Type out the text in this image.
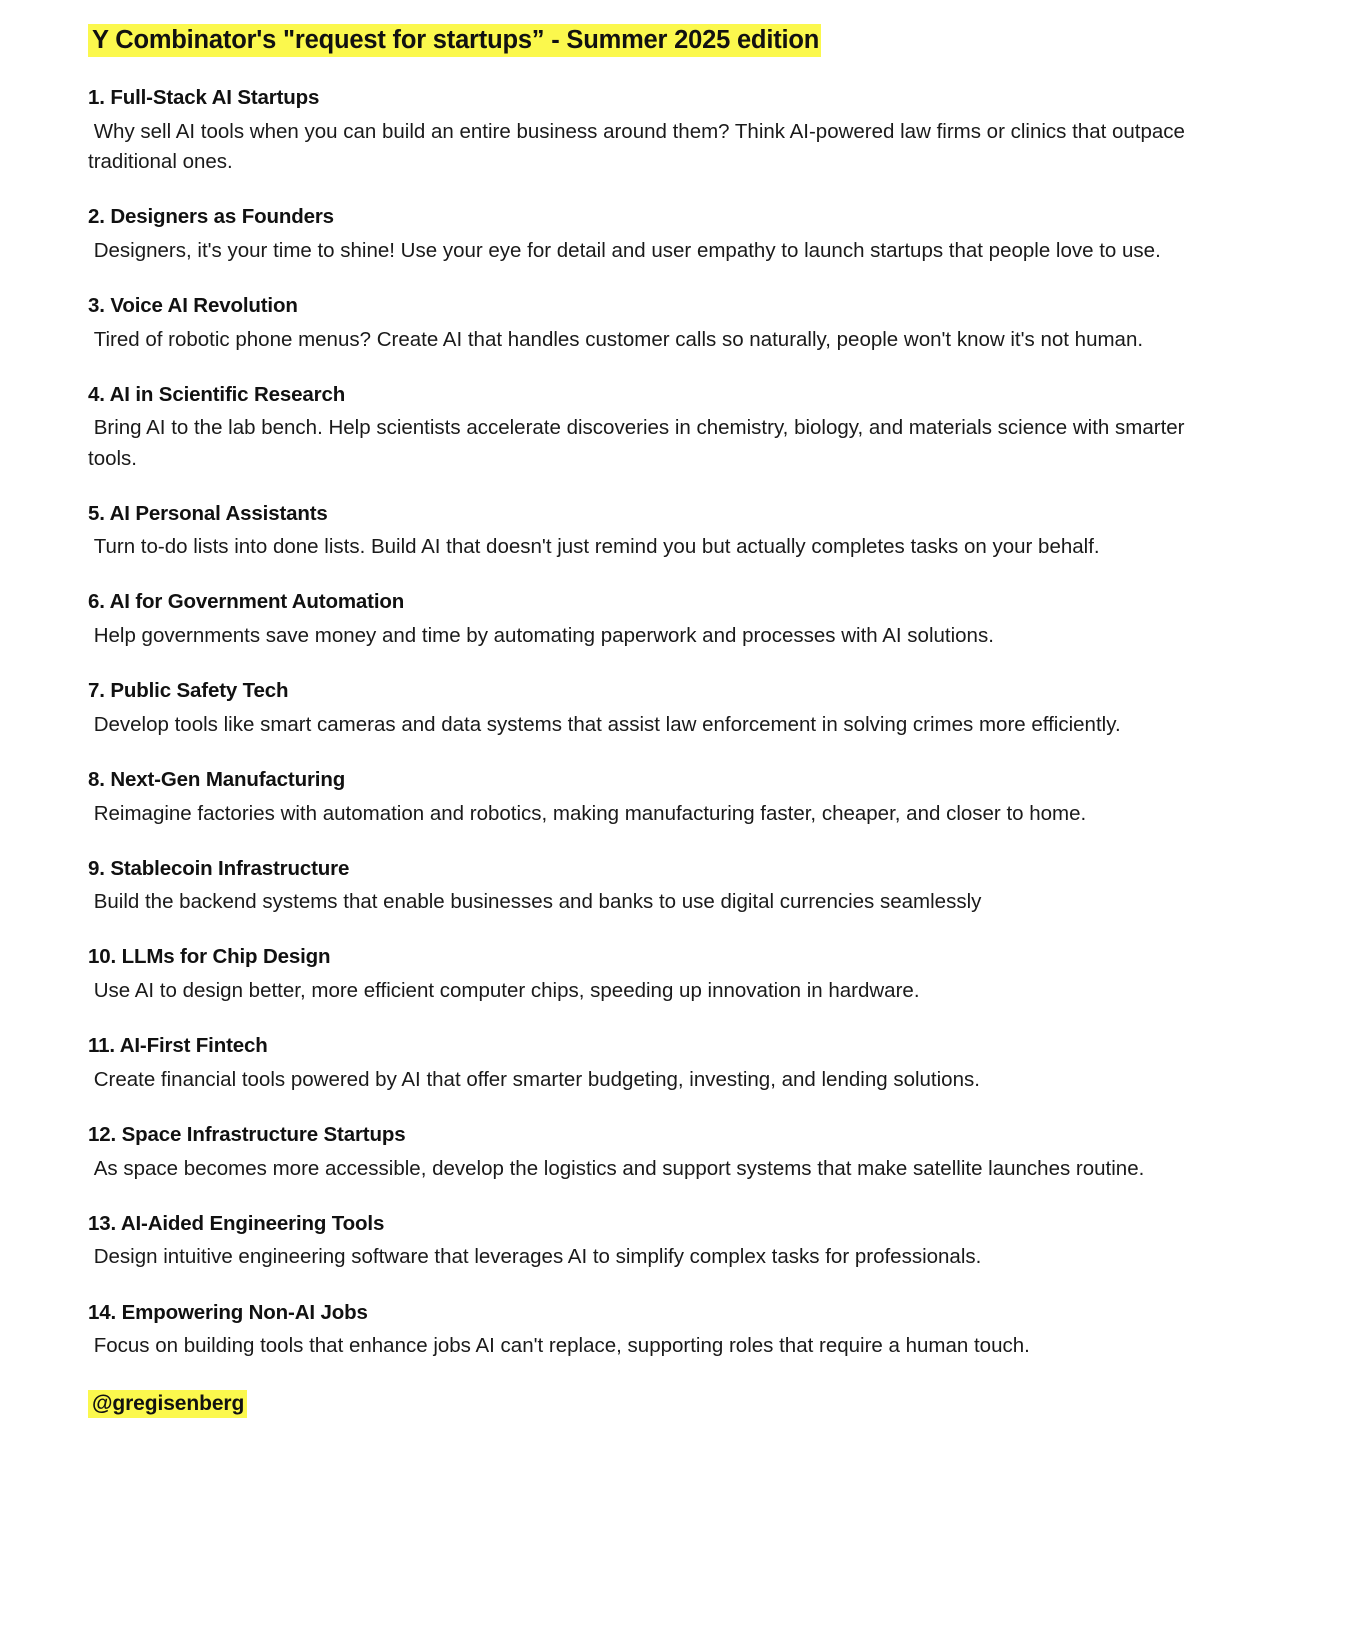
Y Combinator's "request for startups” - Summer 2025 edition

1. Full-Stack AI Startups
Why sell AI tools when you can build an entire business around them? Think AI-powered law firms or clinics that outpace traditional ones.
2. Designers as Founders
Designers, it's your time to shine! Use your eye for detail and user empathy to launch startups that people love to use.
3. Voice AI Revolution
Tired of robotic phone menus? Create AI that handles customer calls so naturally, people won't know it's not human.
4. AI in Scientific Research
Bring AI to the lab bench. Help scientists accelerate discoveries in chemistry, biology, and materials science with smarter tools.
5. AI Personal Assistants
Turn to-do lists into done lists. Build AI that doesn't just remind you but actually completes tasks on your behalf.
6. AI for Government Automation
Help governments save money and time by automating paperwork and processes with AI solutions.
7. Public Safety Tech
Develop tools like smart cameras and data systems that assist law enforcement in solving crimes more efficiently.
8. Next-Gen Manufacturing
Reimagine factories with automation and robotics, making manufacturing faster, cheaper, and closer to home.
9. Stablecoin Infrastructure
Build the backend systems that enable businesses and banks to use digital currencies seamlessly
10. LLMs for Chip Design
Use AI to design better, more efficient computer chips, speeding up innovation in hardware.
11. AI-First Fintech
Create financial tools powered by AI that offer smarter budgeting, investing, and lending solutions.
12. Space Infrastructure Startups
As space becomes more accessible, develop the logistics and support systems that make satellite launches routine.
13. AI-Aided Engineering Tools
Design intuitive engineering software that leverages AI to simplify complex tasks for professionals.
14. Empowering Non-AI Jobs
Focus on building tools that enhance jobs AI can't replace, supporting roles that require a human touch.

@gregisenberg
